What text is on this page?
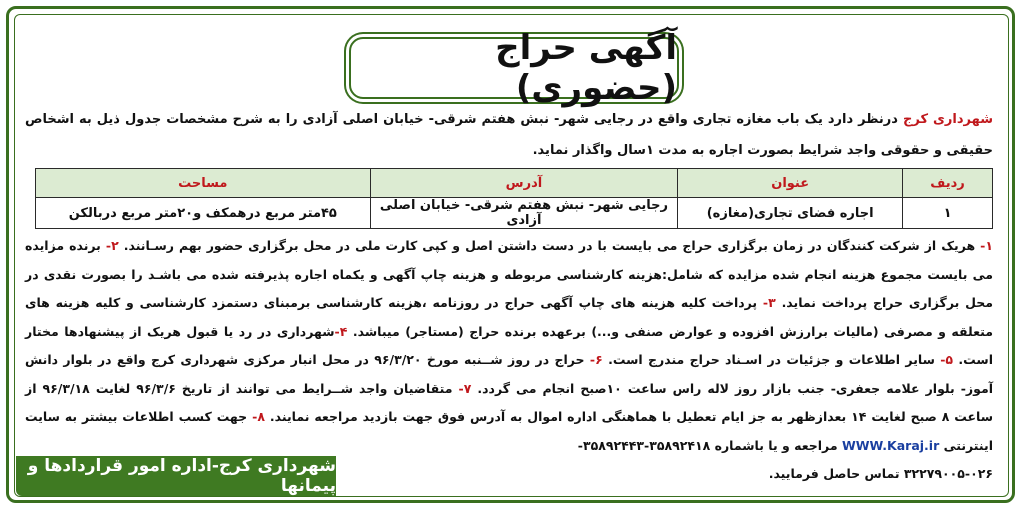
آگهی حراج (حضوری)
شهرداری کرج درنظر دارد یک باب مغازه تجاری واقع در رجایی شهر- نبش هفتم شرقی- خیابان اصلی آزادی را به شرح مشخصات جدول ذیل به اشخاص حقیقی و حقوقی واجد شرایط بصورت اجاره به مدت ۱سال واگذار نماید.
ردیف	عنوان	آدرس	مساحت
۱	اجاره فضای تجاری(مغازه)	رجایی شهر- نبش هفتم شرقی- خیابان اصلی آزادی	۴۵متر مربع درهمکف و۲۰متر مربع دربالکن
۱- هریک از شرکت کنندگان در زمان برگزاری حراج می بایست با در دست داشتن اصل و کپی کارت ملی در محل برگزاری حضور بهم رسـانند. ۲- برنده مزایده می بایست مجموع هزینه انجام شده مزایده که شامل:هزینه کارشناسی مربوطه و هزینه چاپ آگهی و یکماه اجاره پذیرفته شده می باشـد را بصورت نقدی در محل برگزاری حراج پرداخت نماید. ۳- پرداخت کلیه هزینه های چاپ آگهی حراج در روزنامه ،هزینه کارشناسی برمبنای دستمزد کارشناسی و کلیه هزینه های متعلقه و مصرفی (مالیات برارزش افزوده و عوارض صنفی و...) برعهده برنده حراج (مستاجر) میباشد. ۴-شهرداری در رد یا قبول هریک از پیشنهادها مختار است. ۵- سایر اطلاعات و جزئیات در اسـناد حراج مندرج است. ۶- حراج در روز شــنبه مورخ ۹۶/۳/۲۰ در محل انبار مرکزی شهرداری کرج واقع در بلوار دانش آموز- بلوار علامه جعفری- جنب بازار روز لاله راس ساعت ۱۰صبح انجام می گردد. ۷- متقاضیان واجد شــرایط می توانند از تاریخ ۹۶/۳/۶ لغایت ۹۶/۳/۱۸ از ساعت ۸ صبح لغایت ۱۴ بعدازظهر به جز ایام تعطیل با هماهنگی اداره اموال به آدرس فوق جهت بازدید مراجعه نمایند. ۸- جهت کسب اطلاعات بیشتر به سایت اینترنتی WWW.Karaj.ir مراجعه و یا باشماره ۳۵۸۹۲۴۱۸-۳۵۸۹۲۴۴۳-
۳۲۲۷۹۰۰۵-۰۲۶ تماس حاصل فرمایید.
شهرداری کرج-اداره امور قراردادها و پیمانها
